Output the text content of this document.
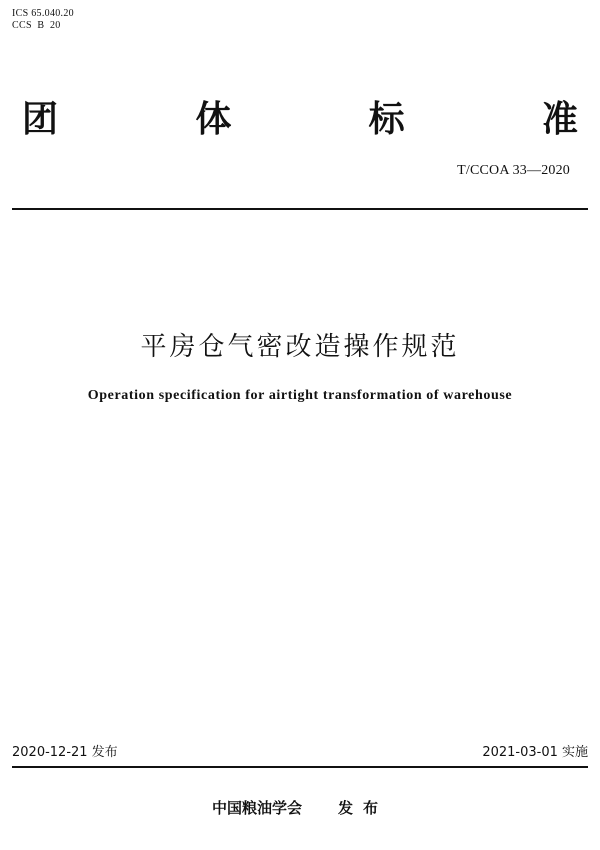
ICS 65.040.20
CCS  B  20
团	体	标	准
T/CCOA 33—2020
平房仓气密改造操作规范
Operation specification for airtight transformation of warehouse
2020-12-21 发布	2021-03-01 实施
中国粮油学会 发布
